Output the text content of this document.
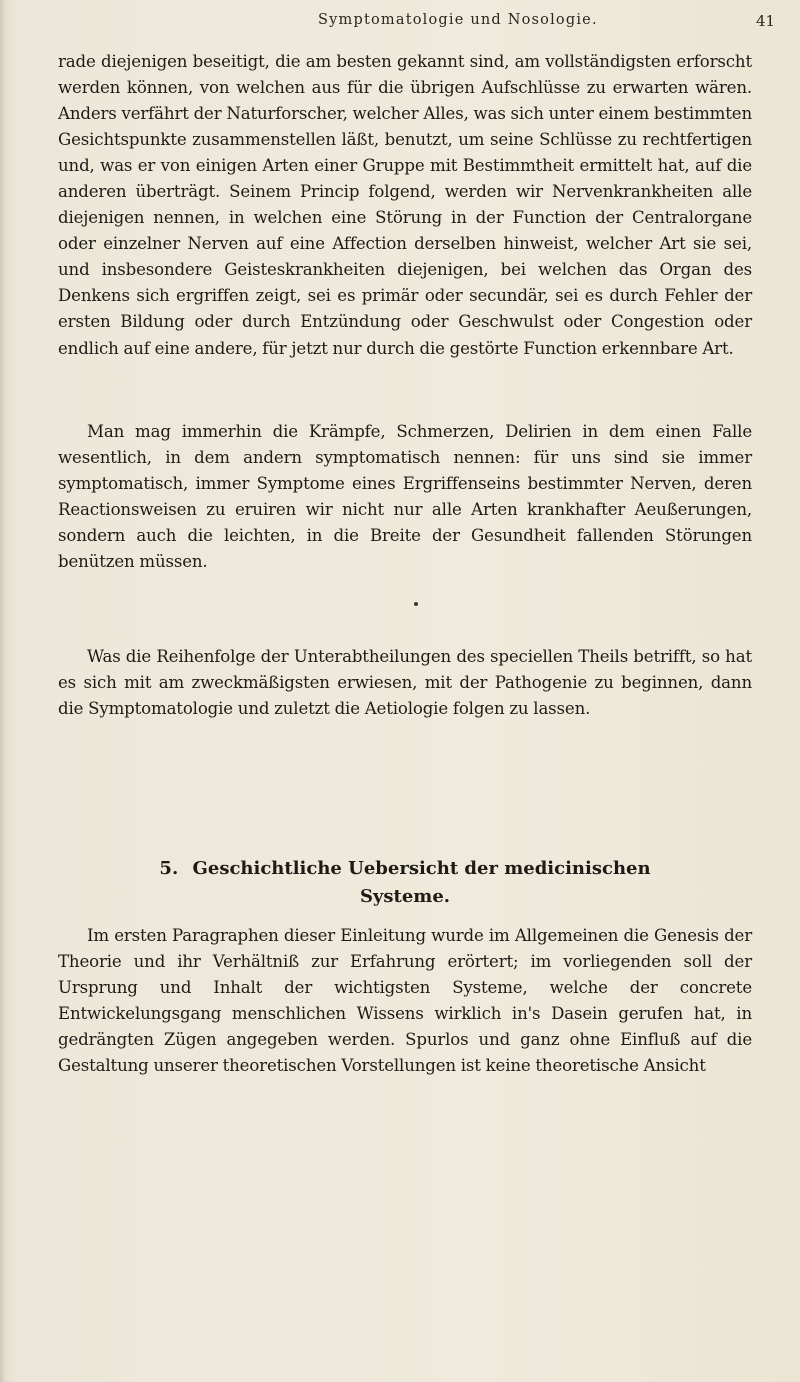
Symptomatologie und Nosologie.	41

rade diejenigen beseitigt, die am besten gekannt sind, am vollständigsten erforscht werden können, von welchen aus für die übrigen Aufschlüsse zu erwarten wären. Anders verfährt der Naturforscher, welcher Alles, was sich unter einem bestimmten Gesichtspunkte zusammenstellen läßt, benutzt, um seine Schlüsse zu rechtfertigen und, was er von einigen Arten einer Gruppe mit Bestimmtheit ermittelt hat, auf die anderen überträgt. Seinem Princip folgend, werden wir Nervenkrankheiten alle diejenigen nennen, in welchen eine Störung in der Function der Centralorgane oder einzelner Nerven auf eine Affection derselben hinweist, welcher Art sie sei, und insbesondere Geisteskrankheiten diejenigen, bei welchen das Organ des Denkens sich ergriffen zeigt, sei es primär oder secundär, sei es durch Fehler der ersten Bildung oder durch Entzündung oder Geschwulst oder Congestion oder endlich auf eine andere, für jetzt nur durch die gestörte Function erkennbare Art.

Man mag immerhin die Krämpfe, Schmerzen, Delirien in dem einen Falle wesentlich, in dem andern symptomatisch nennen: für uns sind sie immer symptomatisch, immer Symptome eines Ergriffenseins bestimmter Nerven, deren Reactionsweisen zu eruiren wir nicht nur alle Arten krankhafter Aeußerungen, sondern auch die leichten, in die Breite der Gesundheit fallenden Störungen benützen müssen.

Was die Reihenfolge der Unterabtheilungen des speciellen Theils betrifft, so hat es sich mit am zweckmäßigsten erwiesen, mit der Pathogenie zu beginnen, dann die Symptomatologie und zuletzt die Aetiologie folgen zu lassen.

5. Geschichtliche Uebersicht der medicinischen
Systeme.

Im ersten Paragraphen dieser Einleitung wurde im Allgemeinen die Genesis der Theorie und ihr Verhältniß zur Erfahrung erörtert; im vorliegenden soll der Ursprung und Inhalt der wichtigsten Systeme, welche der concrete Entwickelungsgang menschlichen Wissens wirklich in's Dasein gerufen hat, in gedrängten Zügen angegeben werden. Spurlos und ganz ohne Einfluß auf die Gestaltung unserer theoretischen Vorstellungen ist keine theoretische Ansicht
